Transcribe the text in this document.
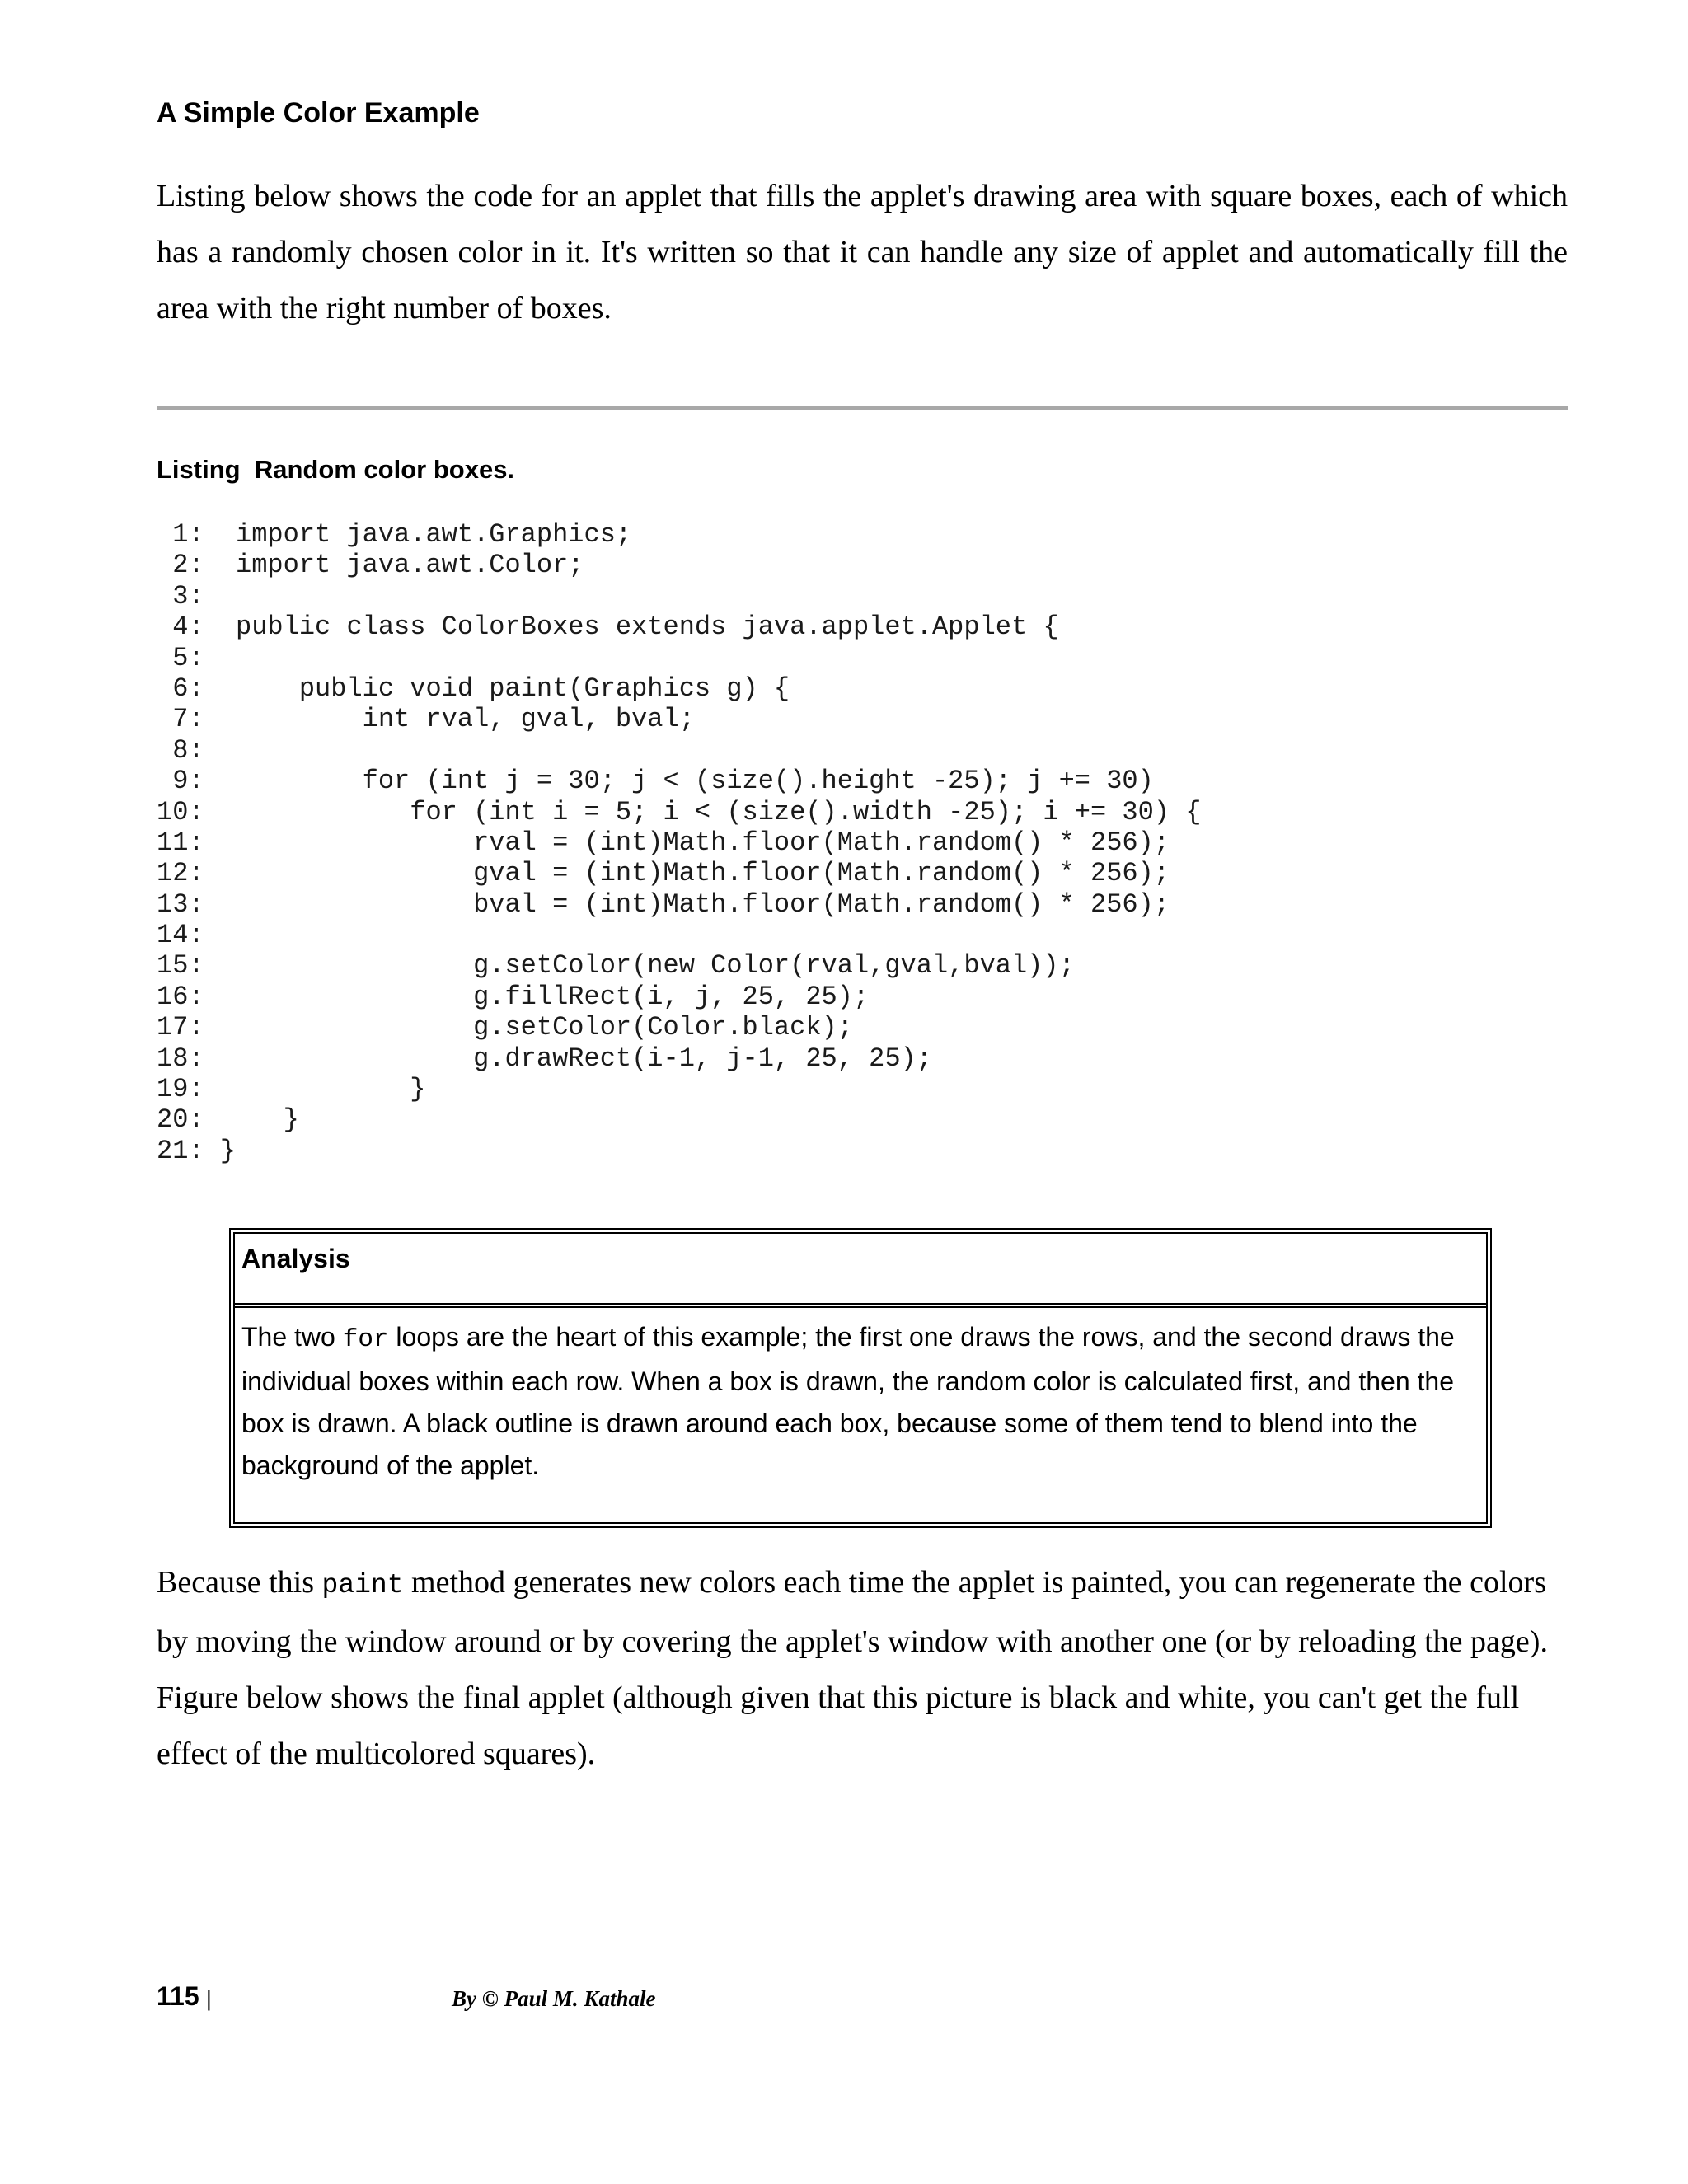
A Simple Color Example

Listing below shows the code for an applet that fills the applet's drawing area with square boxes, each of which has a randomly chosen color in it. It's written so that it can handle any size of applet and automatically fill the area with the right number of boxes.

Listing  Random color boxes.
1:  import java.awt.Graphics;
2:  import java.awt.Color;
3:
4:  public class ColorBoxes extends java.applet.Applet {
5:
6:      public void paint(Graphics g) {
7:          int rval, gval, bval;
8:
9:          for (int j = 30; j < (size().height -25); j += 30)
10:             for (int i = 5; i < (size().width -25); i += 30) {
11:                 rval = (int)Math.floor(Math.random() * 256);
12:                 gval = (int)Math.floor(Math.random() * 256);
13:                 bval = (int)Math.floor(Math.random() * 256);
14:
15:                 g.setColor(new Color(rval,gval,bval));
16:                 g.fillRect(i, j, 25, 25);
17:                 g.setColor(Color.black);
18:                 g.drawRect(i-1, j-1, 25, 25);
19:             }
20:     }
21: }
Analysis
The two for loops are the heart of this example; the first one draws the rows, and the second draws the individual boxes within each row. When a box is drawn, the random color is calculated first, and then the box is drawn. A black outline is drawn around each box, because some of them tend to blend into the background of the applet.

Because this paint method generates new colors each time the applet is painted, you can regenerate the colors by moving the window around or by covering the applet's window with another one (or by reloading the page). Figure below shows the final applet (although given that this picture is black and white, you can't get the full effect of the multicolored squares).

115 |	By © Paul M. Kathale
